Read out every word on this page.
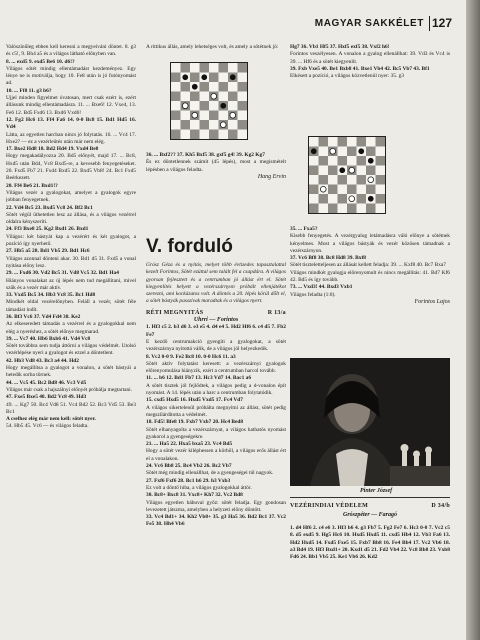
MAGYAR SAKKÉLET 127

Valószínűleg ebben kell keresni a megyeiváni döntet. 8. g3 és c5!, 9. Bh4 a5 és a világos látható előnyben van.

8. ... exd5 9. exd5 Be6 10. d6!?

Világos sötét mindig ellentámadást kezdeményez. Egy lénye ne is motiválja, hogy 10. Fe8 után is jó futónyomást ad.

10. ... Ff8 11. g3 b6?

Ujjel minden figyelmet óvatosan, mert csak ezért is, ezért állásunk mindig ellentámadásra. 11. ... Bxe6! 12. Vxe4, 13. Fe6 12. Bd5 Fxd6 13. Bxd6 Vxd6!

12. Fg2 Hc6 13. Ff4 Fa6 14. 0-0 Bc8 15. Bd1 Hd5 16. Vd4

Látta, az egyetlen harcban nincs jó folytatás. 16. ... Vc4 17. Hxe2? — ez a vezérleütés után már nem elég.

17. Bxe2 Hd8 18. Bd2 Hd4 19. Vxd4 Be8

Hogy megakadályozza 20. Bd5 előnyét, majd 17. ... Bc8, Hxd5 után Bd4, Vc8 Bxd5-re, a kevesebb fenyegetéseket. 20. Fxd5 Fb7 21. Fxd4 Bxd5 22. Bxd5 Vb8! 24. Bc1 Fxd5 Beérkezett.

20. Ff4 Be6 21. Bxd1!?

Világos vezér a gyalogokat, amelyet a gyalogok egyre jobban fenyegetnek.

22. Vd4 Bc5 23. Bxd5 Vc8 24. Bf2 Bc1

Sötét végül üthetetlen lesz az állása, és a világos vezérrel oldalra kényszeríti.

24. Ff3 Bxe8 25. Kg2 Bxd1 26. Bxd1

Világos: két bástyát kap a vezérért és két gyalogot, a pozíció így nyerhető.

27. Hb5 a5 28. Bd1 Vb5 29. Bd1 Hc6

Világos azonnal dönteni akar. 30. Bd1 d5 31. Fxd5 a vonal nyitása előny lesz.

29. ... Fxd6 30. Vd2 Bc5 31. Vd8 Vc5 32. Bd1 Ha4

Hiányos vonalakat az új lépés nem tud megállítani, mivel szűk és a vezér már aktív.

33. Vxd5 Bc5 34. Hb3 Vc8 35. Bc1 Hd8

Mindkét oldal vezérelőnyben. Feláll a vezér, sötét féle támadást indít.

36. Bf3 Vc6 37. Vd4 Fd4 38. Ke2

Az elkeseredett támadás a vezérrel és a gyalogokkal nem elég a nyeréshez, a sötét előnye megmarad.

39. ... Vc7 40. Hb6 Bxb6 41. Vd4 Vc8

Sötét továbbra sem tudja áttörni a világos védelmét. Utolsó vezérlépése nyeri a gyalogot és ezzel a döntetlent.

42. Hb3 Vd8 43. Bc3 a4 44. Hd2

Hogy megállítsa a gyalogot a vonalon, a sötét bástyái a hetedik sorba törnek.

44. ... Vc5 45. Bc2 Bd8 46. Vc3 Vd5

Világos már csak a hajszálnyi előnyét próbálja megtartani.

47. Fxe5 Bxe5 48. Bd2 Vc8 49. Hd3

49. ... Kg7 50. Bc4 Vd8 51. Vc4 Bd2 52. Bc3 Vd5 53. Be3 Bc1

A cselhez elég már nem kell: sötét nyer.

54. Hb5 45. Vc6 — és világos feladta.

A rittikus állás, amely lehetséges volt, és amely a sötétnek jó:

36. ... Bxf2?? 37. Kh5 Bxf5 38. gxf5 g4! 39. Kg2 Kg7

És ez döntetlennek számít (45 lépés), most a megismételt lépésben a világos feladta.

Hang Ervin

V. forduló

Grósz Géza és a nyitás, melyet több évtizedes tapasztalattal kezelt Forintos, Sötét ezúttal sem talált fel a csapdára. A világos gyorsan fejlesztett és a centrumban jó állást ért el. Sötét kiegyenlítés helyett a vezérszárnyon próbált ellenjátékot szerezni, ami kockázatos volt. A döntés a 20. lépés körül dőlt el, a sötét bástyák passzívak maradtak és a világos nyert.

RÉTI MEGNYITÁS	R 13/a

Uhrri — Forintos

1. Hf3 c5 2. b3 d6 3. e3 e5 4. d4 e4 5. Hd2 Hf6 6. c4 d5 7. Fb2 Fe7

E kezdő centrumakció gyengíti a gyalogokat, a sötét vezérszárnya nyitottá válik, de a világos jól helyezkedik.

8. Vc2 0-0 9. Fe2 Bc8 10. 0-0 Hc6 11. a3

Sötét aktív folytatást keresett: a vezérszárnyi gyalogok előrenyomulása hiányzik, ezért a centrumban harcol tovább.

11. ... b6 12. Bd1 Fb7 13. Hc3 Vd7 14. Bac1 a6

A sötét tisztek jól fejlődtek, a világos pedig a d-vonalon épít nyomást. A 14. lépés után a harc a centrumban folytatódik.

15. cxd5 Hxd5 16. Hxd5 Vxd5 17. Fc4 Vd7

A világos sikertelenül próbálta megnyitni az állást, sötét pedig megszilárdította a védelmét.

18. Fd5! Bfe8 19. Fxb7 Vxb7 20. Hc4 Bed8

Sötét elhanyagolta a vezérszárnyat, a világos hathatós nyomást gyakorol a gyengeségekre.

21. ... Ha5 22. Hxa5 bxa5 23. Vc4 Bd5

Hogy a sötét vezér kiléphessen a körből, a világos erős állást ért el a vonalakon.

24. Vc6 Bb8 25. Bc4 Vb2 26. Bc2 Vb7

Sötét még mindig ellenállhat, de a gyengeségei túl nagyok.

27. Fxf6 Fxf6 28. Bc1 h6 29. h3 Vxb3

Ez volt a döntő hiba, a világos gyalogokkal áttör.

30. Bc8+ Bxc8 31. Vxc8+ Kh7 32. Vc2 Bd8

Világos egyetlen bábuval győz: sötét feladja. Egy gondosan levezetett játszma, amelyben a helyzeti előny döntött.

33. Vc4 Bd1+ 34. Kh2 Vb8+ 35. g3 Ha5 36. Bd2 Bc1 37. Vc2 Fe5 38. Hh4 Vb6

Hg7 36. Vb1 Hf5 37. Hxf5 exf5 38. Vxf2 h6!

Forintos veszélyesen. A vonalon a gyalog ellenállhat: 39. Vd3 és Vc4 is 39. ... Hf6 és a sötét kiegyenlít.

39. Fxb Vxe5 40. Be1 Bxb8 41. Bxe1 Vb4 42. Bc5 Vb7 43. Bf1

Elkésett a pozíció, a világos közvetlenül nyer: 35. g3

35. ... Fxa5?

Kisebb fenyegetés. A vezérgyalog letámadásra váló előnye a sötétnek kényelmes. Most a világos bástyák és vezér közösen támadnak a vezérszárnyon.

37. Vc6 Bf8 38. Bc8 Hd8 39. Bxf8

Sötét tiszteletteljesen az állását kellett feladja: 39. ... Kxf8 40. Bc7 Bxa7

Világos mindkét gyalogja előrenyomult és nincs megállítás: 41. Bd7 Kf6 42. Bd5 és így tovább.

73. ... Vxd3! 44. Bxd3 Vxb1

Világos feladta (1:0).

Forintos Lajos

Pinter József
VEZÉRINDIAI VÉDELEM	D 34/b

Grószpéter — Faragó

1. d4 Hf6 2. c4 e6 3. Hf3 b6 4. g3 Fb7 5. Fg2 Fe7 6. Hc3 0-0 7. Vc2 c5 8. d5 exd5 9. Hg5 Hc6 10. Hxd5 Hxd5 11. cxd5 Hb4 12. Vb3 Fa6 13. Hd2 Hxd5 14. Fxd5 Fxe5 15. Fxb7 Bb8 16. Fe4 Bb4 17. Vc2 Vb6 18. a3 Bd4 19. Hf3 Bxd1+ 20. Kxd1 d5 21. Fd2 Vb4 22. Vc8 Bb8 23. Vxb8 Fd6 24. Bb1 Vb5 25. Ke1 Vb6 26. Kd2
